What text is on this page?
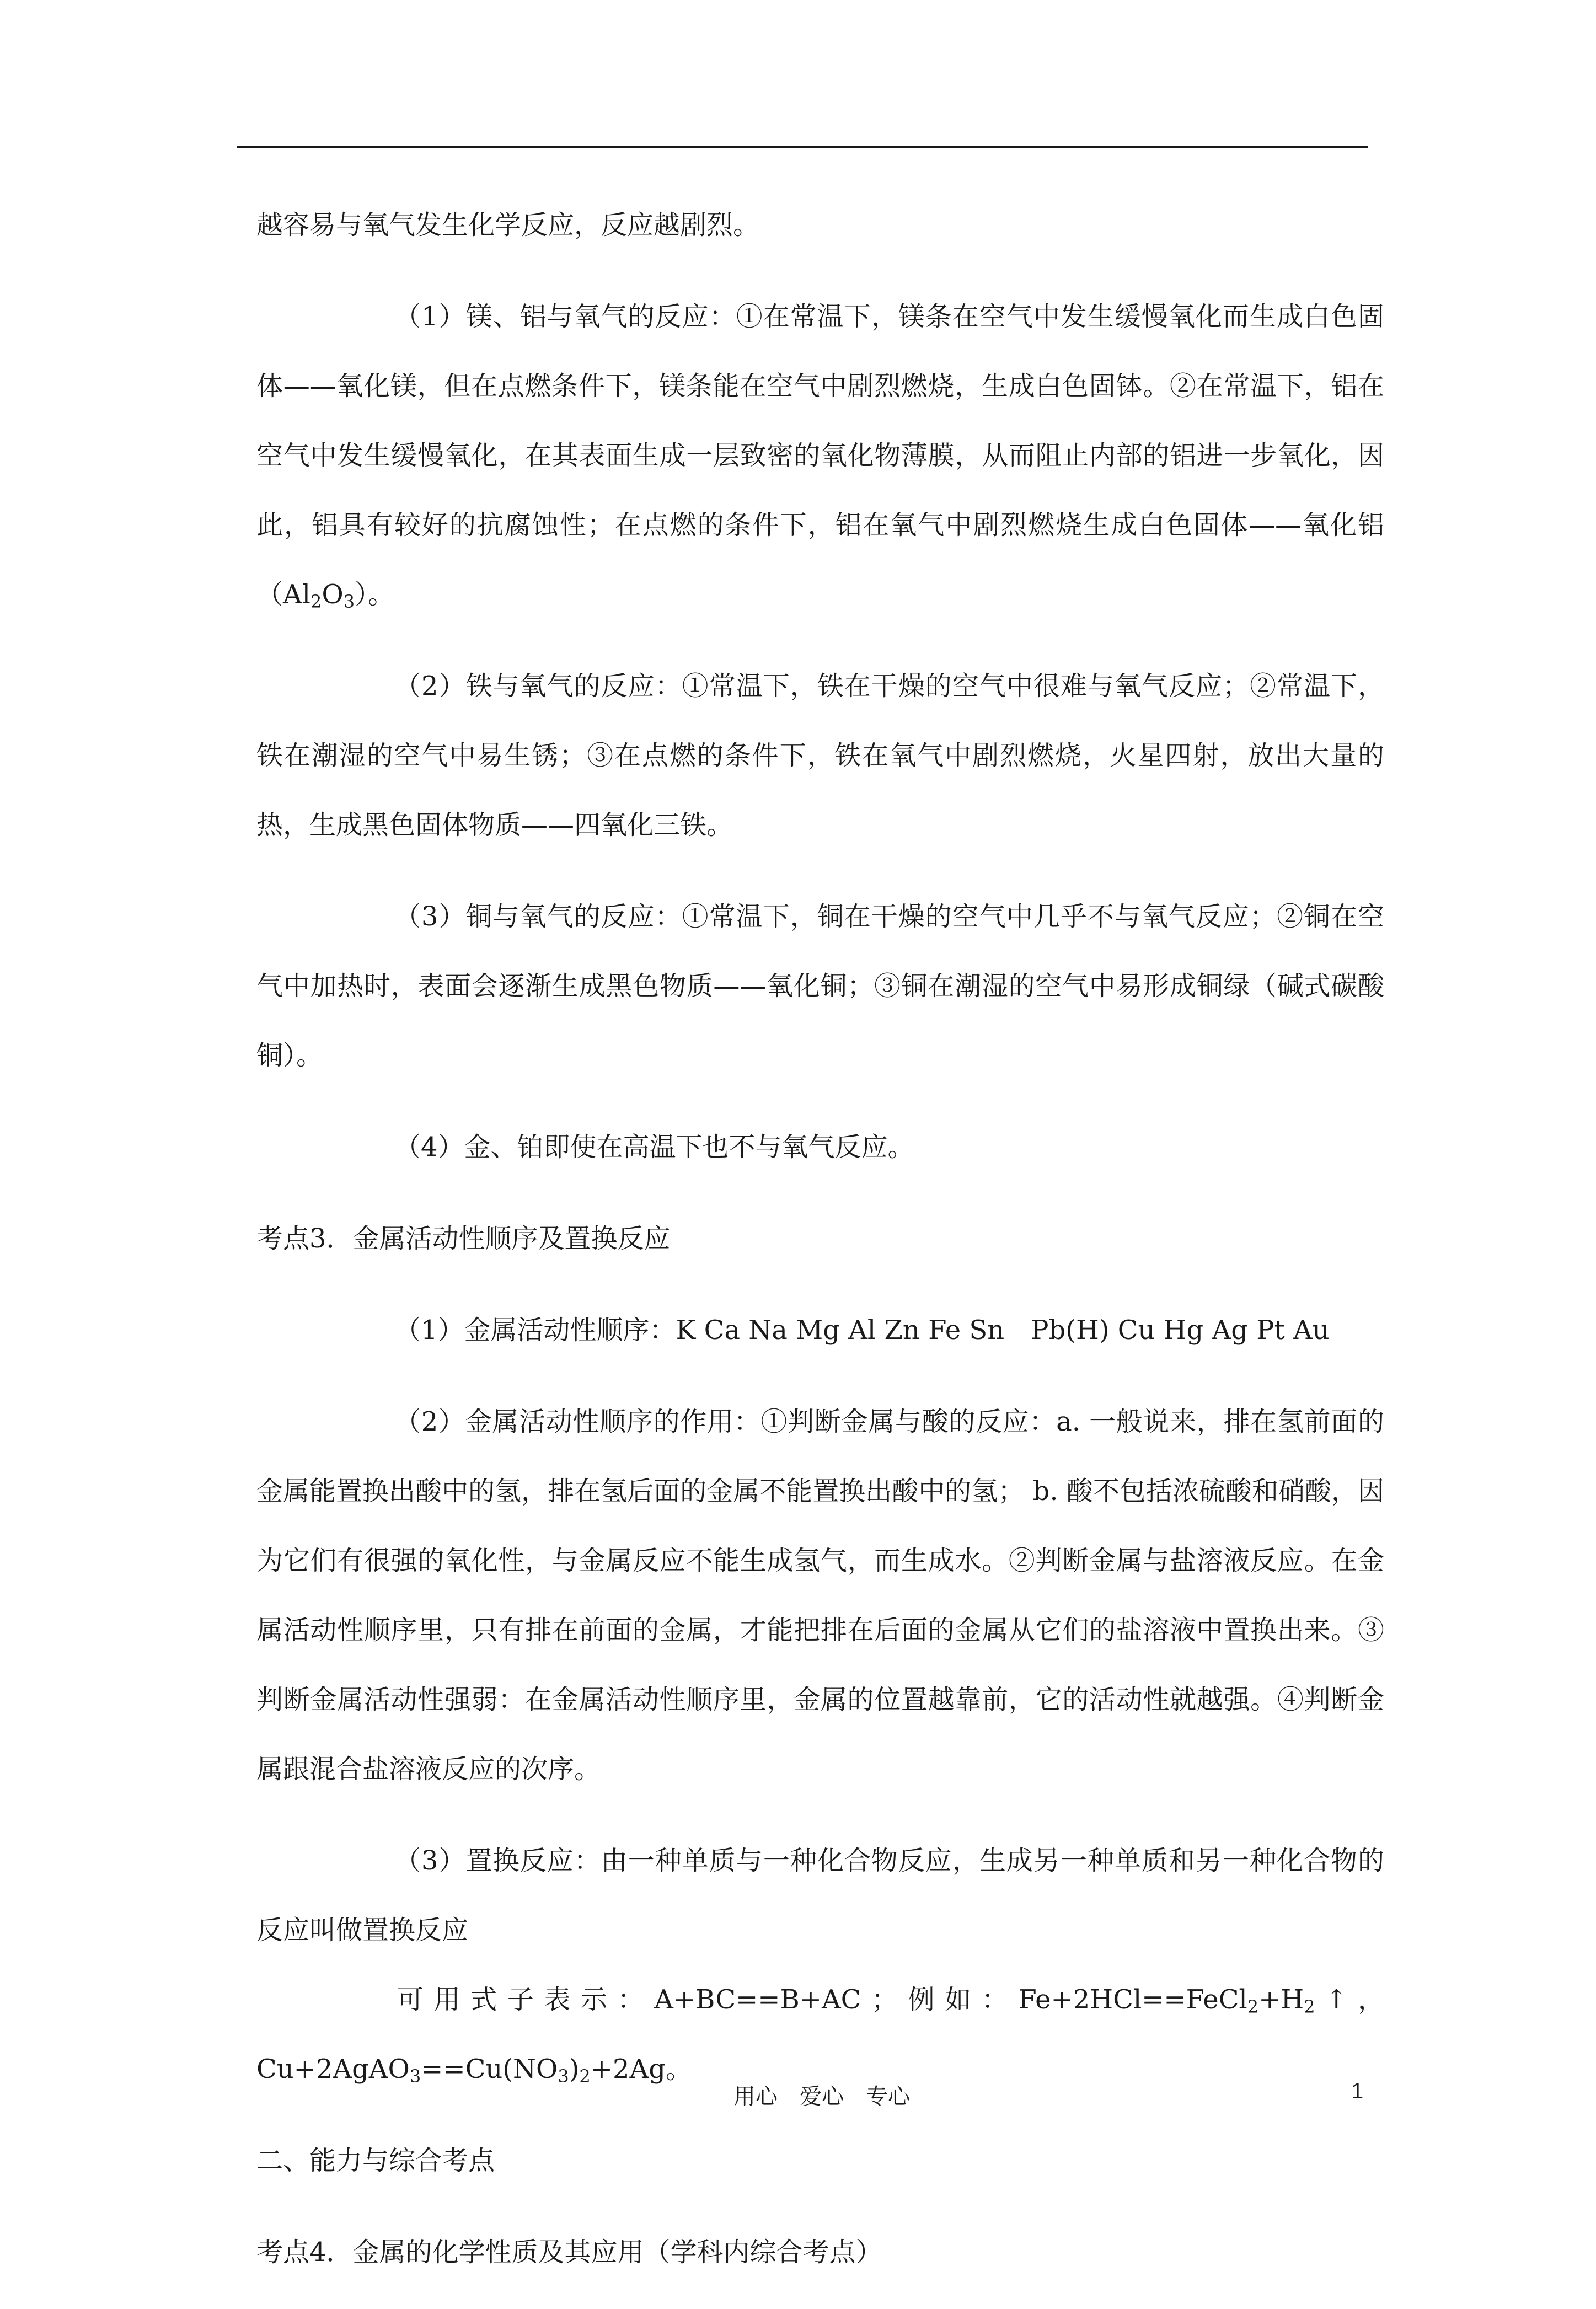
越容易与氧气发生化学反应，反应越剧烈。

（1）镁、铝与氧气的反应：①在常温下，镁条在空气中发生缓慢氧化而生成白色固体——氧化镁，但在点燃条件下，镁条能在空气中剧烈燃烧，生成白色固钵。②在常温下，铝在空气中发生缓慢氧化，在其表面生成一层致密的氧化物薄膜，从而阻止内部的铝进一步氧化，因此，铝具有较好的抗腐蚀性；在点燃的条件下，铝在氧气中剧烈燃烧生成白色固体——氧化铝$(Al_2O_3)$。

（2）铁与氧气的反应：①常温下，铁在干燥的空气中很难与氧气反应；②常温下，铁在潮湿的空气中易生锈；③在点燃的条件下，铁在氧气中剧烈燃烧，火星四射，放出大量的热，生成黑色固体物质——四氧化三铁。

（3）铜与氧气的反应：①常温下，铜在干燥的空气中几乎不与氧气反应；②铜在空气中加热时，表面会逐渐生成黑色物质——氧化铜；③铜在潮湿的空气中易形成铜绿（碱式碳酸铜）。

（4）金、铂即使在高温下也不与氧气反应。

考点3．金属活动性顺序及置换反应

（1）金属活动性顺序：K Ca Na Mg Al Zn Fe Sn　Pb(H) Cu Hg Ag Pt Au

（2）金属活动性顺序的作用：①判断金属与酸的反应：a. 一般说来，排在氢前面的金属能置换出酸中的氢，排在氢后面的金属不能置换出酸中的氢； b. 酸不包括浓硫酸和硝酸，因为它们有很强的氧化性，与金属反应不能生成氢气，而生成水。②判断金属与盐溶液反应。在金属活动性顺序里，只有排在前面的金属，才能把排在后面的金属从它们的盐溶液中置换出来。③判断金属活动性强弱：在金属活动性顺序里，金属的位置越靠前，它的活动性就越强。④判断金属跟混合盐溶液反应的次序。

（3）置换反应：由一种单质与一种化合物反应，生成另一种单质和另一种化合物的反应叫做置换反应

可 用 式 子 表 示 ： A+BC==B+AC ； 例 如 ： $Fe+2HCl==FeCl_2+H_2$ ↑ ，

$Cu+2AgAO_3==Cu(NO_3)_2+2Ag$。

二、能力与综合考点

考点4．金属的化学性质及其应用（学科内综合考点）

用心　爱心　专心	1
